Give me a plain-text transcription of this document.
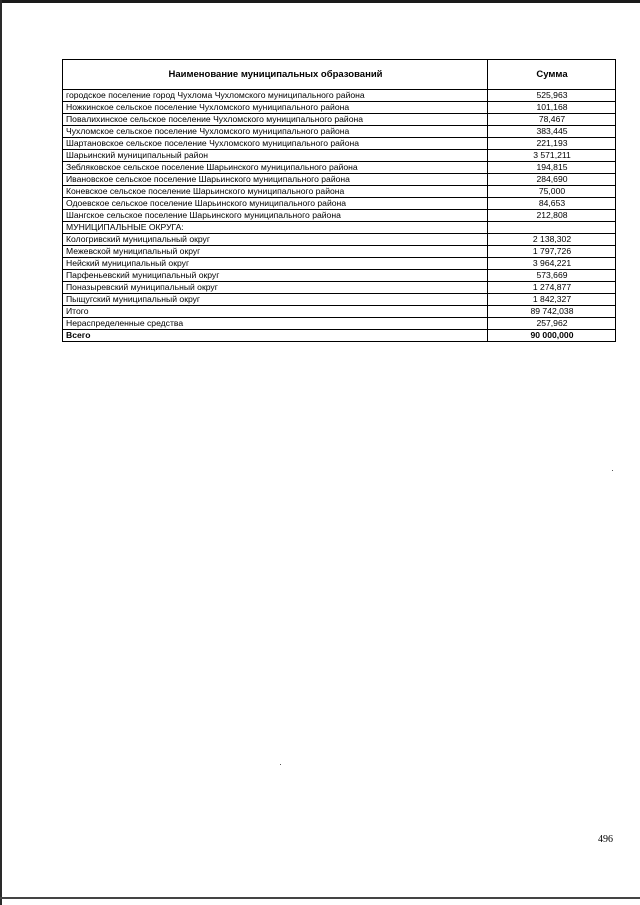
Наименование муниципальных образований	Сумма
городское поселение город Чухлома Чухломского муниципального района	525,963
Ножкинское сельское поселение Чухломского муниципального района	101,168
Повалихинское сельское поселение Чухломского муниципального района	78,467
Чухломское сельское поселение Чухломского муниципального района	383,445
Шартановское сельское поселение Чухломского муниципального района	221,193
Шарьинский муниципальный район	3 571,211
Зебляковское сельское поселение Шарьинского муниципального района	194,815
Ивановское сельское поселение Шарьинского муниципального района	284,690
Коневское сельское поселение Шарьинского муниципального района	75,000
Одоевское сельское поселение Шарьинского муниципального района	84,653
Шангское сельское поселение Шарьинского муниципального района	212,808
МУНИЦИПАЛЬНЫЕ ОКРУГА:	
Кологривский муниципальный округ	2 138,302
Межевской муниципальный округ	1 797,726
Нейский муниципальный округ	3 964,221
Парфеньевский муниципальный округ	573,669
Поназыревский муниципальный округ	1 274,877
Пыщугский муниципальный округ	1 842,327
Итого	89 742,038
Нераспределенные средства	257,962
Всего	90 000,000
496
